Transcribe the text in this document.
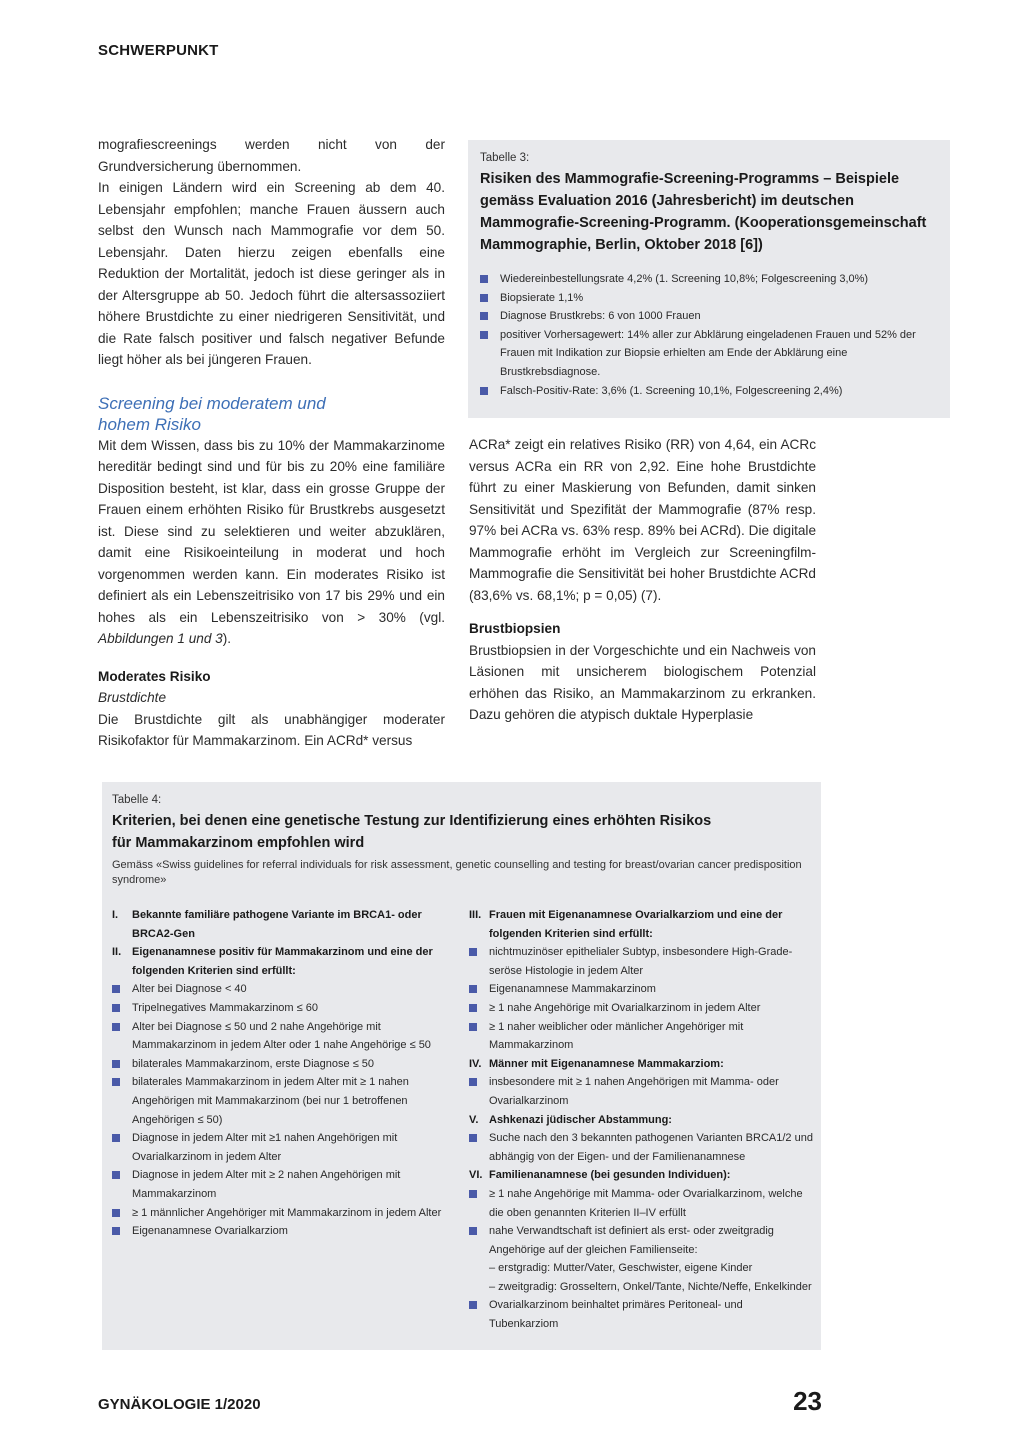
SCHWERPUNKT

mografiescreenings werden nicht von der Grundversicherung übernommen.

In einigen Ländern wird ein Screening ab dem 40. Lebensjahr empfohlen; manche Frauen äussern auch selbst den Wunsch nach Mammografie vor dem 50. Lebensjahr. Daten hierzu zeigen ebenfalls eine Reduktion der Mortalität, jedoch ist diese geringer als in der Altersgruppe ab 50. Jedoch führt die altersassoziiert höhere Brustdichte zu einer niedrigeren Sensitivität, und die Rate falsch positiver und falsch negativer Befunde liegt höher als bei jüngeren Frauen.

Screening bei moderatem und hohem Risiko

Mit dem Wissen, dass bis zu 10% der Mammakarzinome hereditär bedingt sind und für bis zu 20% eine familiäre Disposition besteht, ist klar, dass ein grosse Gruppe der Frauen einem erhöhten Risiko für Brustkrebs ausgesetzt ist. Diese sind zu selektieren und weiter abzuklären, damit eine Risikoeinteilung in moderat und hoch vorgenommen werden kann. Ein moderates Risiko ist definiert als ein Lebenszeitrisiko von 17 bis 29% und ein hohes als ein Lebenszeitrisiko von > 30% (vgl. Abbildungen 1 und 3).

Moderates Risiko

Brustdichte

Die Brustdichte gilt als unabhängiger moderater Risikofaktor für Mammakarzinom. Ein ACRd* versus

Tabelle 3:

Risiken des Mammografie-Screening-Programms – Beispiele gemäss Evaluation 2016 (Jahresbericht) im deutschen Mammografie-Screening-Programm. (Kooperationsgemeinschaft Mammographie, Berlin, Oktober 2018 [6])

Wiedereinbestellungsrate 4,2% (1. Screening 10,8%; Folgescreening 3,0%)
Biopsierate 1,1%
Diagnose Brustkrebs: 6 von 1000 Frauen
positiver Vorhersagewert: 14% aller zur Abklärung eingeladenen Frauen und 52% der Frauen mit Indikation zur Biopsie erhielten am Ende der Abklärung eine Brustkrebsdiagnose.
Falsch-Positiv-Rate: 3,6% (1. Screening 10,1%, Folgescreening 2,4%)

ACRa* zeigt ein relatives Risiko (RR) von 4,64, ein ACRc versus ACRa ein RR von 2,92. Eine hohe Brustdichte führt zu einer Maskierung von Befunden, damit sinken Sensitivität und Spezifität der Mammografie (87% resp. 97% bei ACRa vs. 63% resp. 89% bei ACRd). Die digitale Mammografie erhöht im Vergleich zur Screeningfilm-Mammografie die Sensitivität bei hoher Brustdichte ACRd (83,6% vs. 68,1%; p = 0,05) (7).

Brustbiopsien

Brustbiopsien in der Vorgeschichte und ein Nachweis von Läsionen mit unsicherem biologischem Potenzial erhöhen das Risiko, an Mammakarzinom zu erkranken. Dazu gehören die atypisch duktale Hyperplasie

Tabelle 4:

Kriterien, bei denen eine genetische Testung zur Identifizierung eines erhöhten Risikos für Mammakarzinom empfohlen wird

Gemäss «Swiss guidelines for referral individuals for risk assessment, genetic counselling and testing for breast/ovarian cancer predisposition syndrome»

I. Bekannte familiäre pathogene Variante im BRCA1- oder BRCA2-Gen
II. Eigenanamnese positiv für Mammakarzinom und eine der folgenden Kriterien sind erfüllt:
Alter bei Diagnose < 40
Tripelnegatives Mammakarzinom ≤ 60
Alter bei Diagnose ≤ 50 und 2 nahe Angehörige mit Mammakarzinom in jedem Alter oder 1 nahe Angehörige ≤ 50
bilaterales Mammakarzinom, erste Diagnose ≤ 50
bilaterales Mammakarzinom in jedem Alter mit ≥ 1 nahen Angehörigen mit Mammakarzinom (bei nur 1 betroffenen Angehörigen ≤ 50)
Diagnose in jedem Alter mit ≥1 nahen Angehörigen mit Ovarialkarzinom in jedem Alter
Diagnose in jedem Alter mit ≥ 2 nahen Angehörigen mit Mammakarzinom
≥ 1 männlicher Angehöriger mit Mammakarzinom in jedem Alter
Eigenanamnese Ovarialkarziom
III. Frauen mit Eigenanamnese Ovarialkarziom und eine der folgenden Kriterien sind erfüllt:
nichtmuzinöser epithelialer Subtyp, insbesondere High-Grade-seröse Histologie in jedem Alter
Eigenanamnese Mammakarzinom
≥ 1 nahe Angehörige mit Ovarialkarzinom in jedem Alter
≥ 1 naher weiblicher oder mänlicher Angehöriger mit Mammakarzinom
IV. Männer mit Eigenanamnese Mammakarziom:
insbesondere mit ≥ 1 nahen Angehörigen mit Mamma- oder Ovarialkarzinom
V. Ashkenazi jüdischer Abstammung:
Suche nach den 3 bekannten pathogenen Varianten BRCA1/2 und abhängig von der Eigen- und der Familienanamnese
VI. Familienanamnese (bei gesunden Individuen):
≥ 1 nahe Angehörige mit Mamma- oder Ovarialkarzinom, welche die oben genannten Kriterien II–IV erfüllt
nahe Verwandtschaft ist definiert als erst- oder zweitgradig Angehörige auf der gleichen Familienseite:
– erstgradig: Mutter/Vater, Geschwister, eigene Kinder
– zweitgradig: Grosseltern, Onkel/Tante, Nichte/Neffe, Enkelkinder
Ovarialkarzinom beinhaltet primäres Peritoneal- und Tubenkarziom
GYNÄKOLOGIE 1/2020	23
